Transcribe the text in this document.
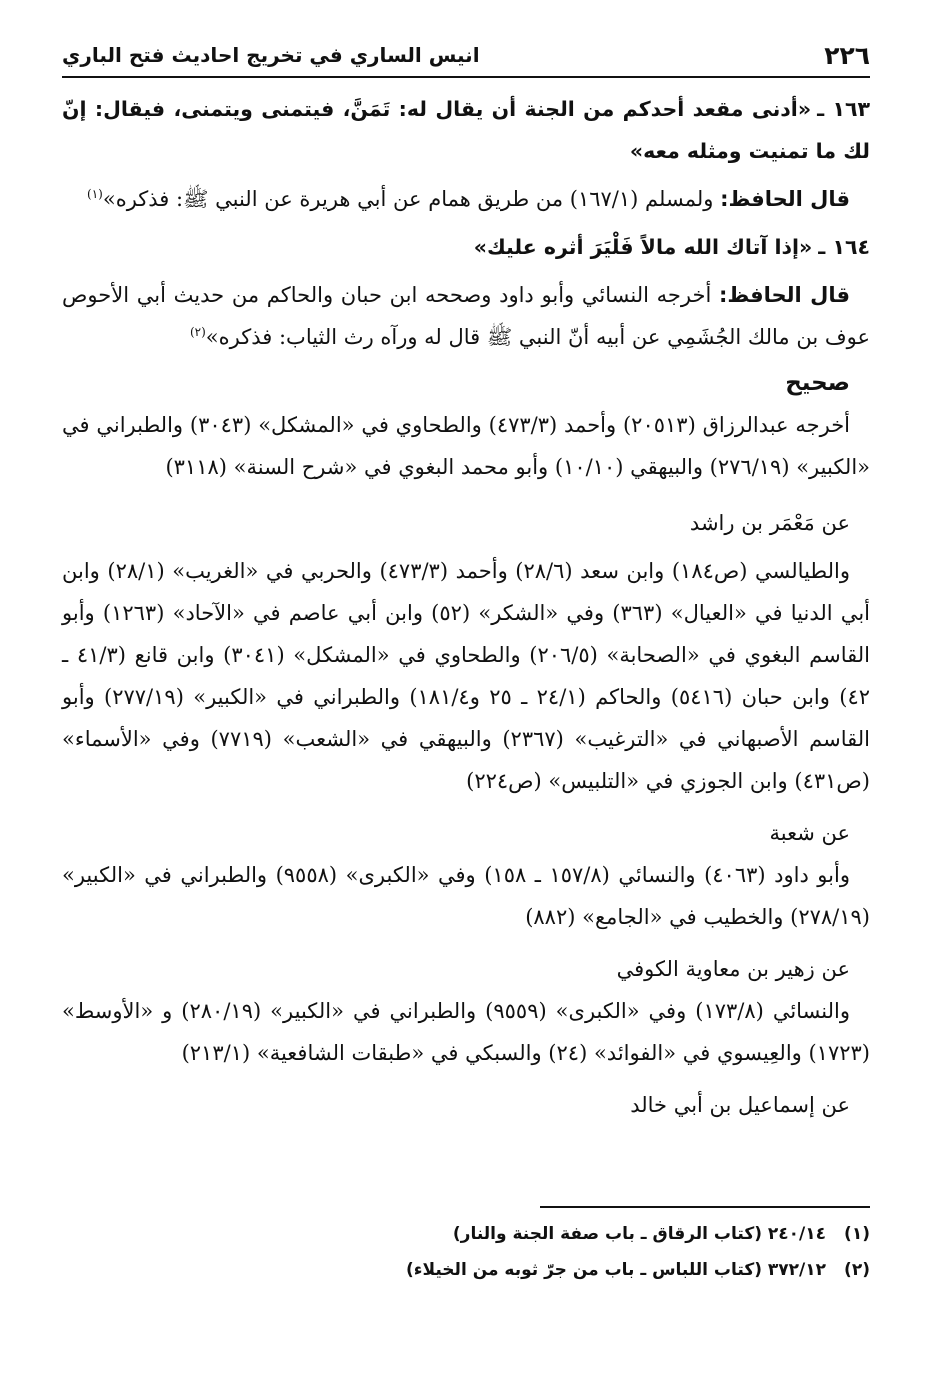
٢٢٦
انيس الساري في تخريج احاديث فتح الباري

١٦٣ ـ«أدنى مقعد أحدكم من الجنة أن يقال له: تَمَنَّ، فيتمنى ويتمنى، فيقال: إنّ لك ما تمنيت ومثله معه»

قال الحافظ: ولمسلم (١٦٧/١) من طريق همام عن أبي هريرة عن النبي ﷺ: فذكره»$^{(١)}$

١٦٤ ـ«إذا آتاك الله مالاً فَلْيَرَ أثره عليك»

قال الحافظ: أخرجه النسائي وأبو داود وصححه ابن حبان والحاكم من حديث أبي الأحوص عوف بن مالك الجُشَمِي عن أبيه أنّ النبي ﷺ قال له ورآه رث الثياب: فذكره»$^{(٢)}$

صحيح

أخرجه عبدالرزاق (٢٠٥١٣) وأحمد (٤٧٣/٣) والطحاوي في «المشكل» (٣٠٤٣) والطبراني في «الكبير» (٢٧٦/١٩) والبيهقي (١٠/١٠) وأبو محمد البغوي في «شرح السنة» (٣١١٨)

عن مَعْمَر بن راشد

والطيالسي (ص١٨٤) وابن سعد (٢٨/٦) وأحمد (٤٧٣/٣) والحربي في «الغريب» (٢٨/١) وابن أبي الدنيا في «العيال» (٣٦٣) وفي «الشكر» (٥٢) وابن أبي عاصم في «الآحاد» (١٢٦٣) وأبو القاسم البغوي في «الصحابة» (٢٠٦/٥) والطحاوي في «المشكل» (٣٠٤١) وابن قانع (٤١/٣ ـ ٤٢) وابن حبان (٥٤١٦) والحاكم (٢٤/١ ـ ٢٥ و١٨١/٤) والطبراني في «الكبير» (٢٧٧/١٩) وأبو القاسم الأصبهاني في «الترغيب» (٢٣٦٧) والبيهقي في «الشعب» (٧٧١٩) وفي «الأسماء» (ص٤٣١) وابن الجوزي في «التلبيس» (ص٢٢٤)

عن شعبة

وأبو داود (٤٠٦٣) والنسائي (١٥٧/٨ ـ ١٥٨) وفي «الكبرى» (٩٥٥٨) والطبراني في «الكبير» (٢٧٨/١٩) والخطيب في «الجامع» (٨٨٢)

عن زهير بن معاوية الكوفي

والنسائي (١٧٣/٨) وفي «الكبرى» (٩٥٥٩) والطبراني في «الكبير» (٢٨٠/١٩) و «الأوسط» (١٧٢٣) والعِيسوي في «الفوائد» (٢٤) والسبكي في «طبقات الشافعية» (٢١٣/١)

عن إسماعيل بن أبي خالد

(١)
٢٤٠/١٤ (كتاب الرقاق ـ باب صفة الجنة والنار)
(٢)
٣٧٢/١٢ (كتاب اللباس ـ باب من جرّ ثوبه من الخيلاء)
